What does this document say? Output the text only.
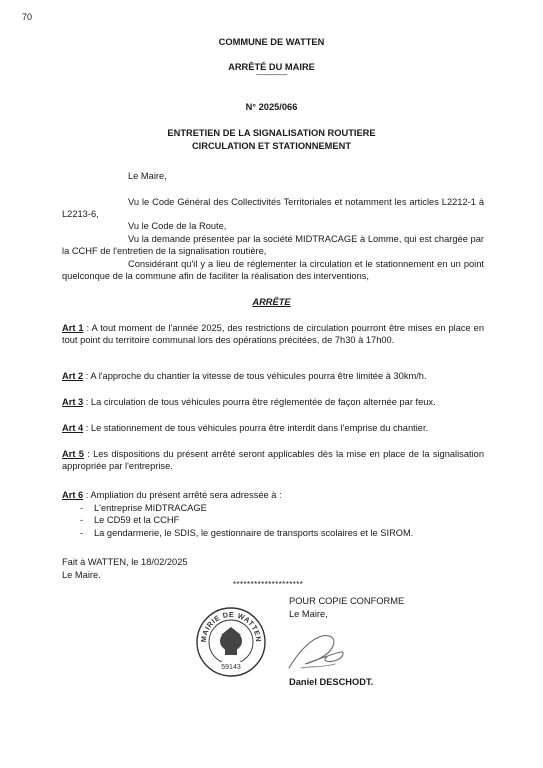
70
COMMUNE DE WATTEN
ARRÊTÉ DU MAIRE
-----------------
N° 2025/066
ENTRETIEN DE LA SIGNALISATION ROUTIERE
CIRCULATION ET STATIONNEMENT
Le Maire,
Vu le Code Général des Collectivités Territoriales et notamment les articles L2212-1 à L2213-6,
Vu le Code de la Route,
Vu la demande présentée par la société MIDTRACAGE à Lomme, qui est chargée par la CCHF de l'entretien de la signalisation routière,
Considérant qu'il y a lieu de réglementer la circulation et le stationnement en un point quelconque de la commune afin de faciliter la réalisation des interventions,
ARRÊTE
Art 1 : A tout moment de l'année 2025, des restrictions de circulation pourront être mises en place en tout point du territoire communal lors des opérations précitées, de 7h30 à 17h00.
Art 2 : A l'approche du chantier la vitesse de tous véhicules pourra être limitée à 30km/h.
Art 3 : La circulation de tous véhicules pourra être réglementée de façon alternée par feux.
Art 4 : Le stationnement de tous véhicules pourra être interdit dans l'emprise du chantier.
Art 5 : Les dispositions du présent arrêté seront applicables dès la mise en place de la signalisation appropriée par l'entreprise.
Art 6 : Ampliation du présent arrêté sera adressée à :
- L'entreprise MIDTRACAGE
- Le CD59 et la CCHF
- La gendarmerie, le SDIS, le gestionnaire de transports scolaires et le SIROM.
Fait à WATTEN, le 18/02/2025
Le Maire.
********************
POUR COPIE CONFORME
Le Maire,
MAIRIE DE WATTEN
59143
Daniel DESCHODT.
